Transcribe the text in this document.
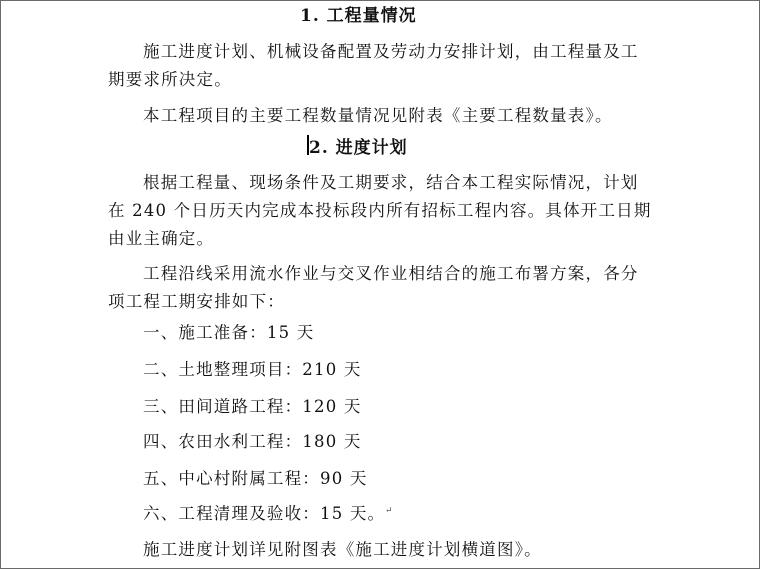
1. 工程量情况
施工进度计划、机械设备配置及劳动力安排计划，由工程量及工
期要求所决定。
本工程项目的主要工程数量情况见附表《主要工程数量表》。
2. 进度计划
根据工程量、现场条件及工期要求，结合本工程实际情况，计划
在 240 个日历天内完成本投标段内所有招标工程内容。具体开工日期
由业主确定。
工程沿线采用流水作业与交叉作业相结合的施工布署方案，各分
项工程工期安排如下：
一、施工准备：15 天
二、土地整理项目：210 天
三、田间道路工程：120 天
四、农田水利工程：180 天
五、中心村附属工程：90 天
六、工程清理及验收：15 天。 ↵
施工进度计划详见附图表《施工进度计划横道图》。
